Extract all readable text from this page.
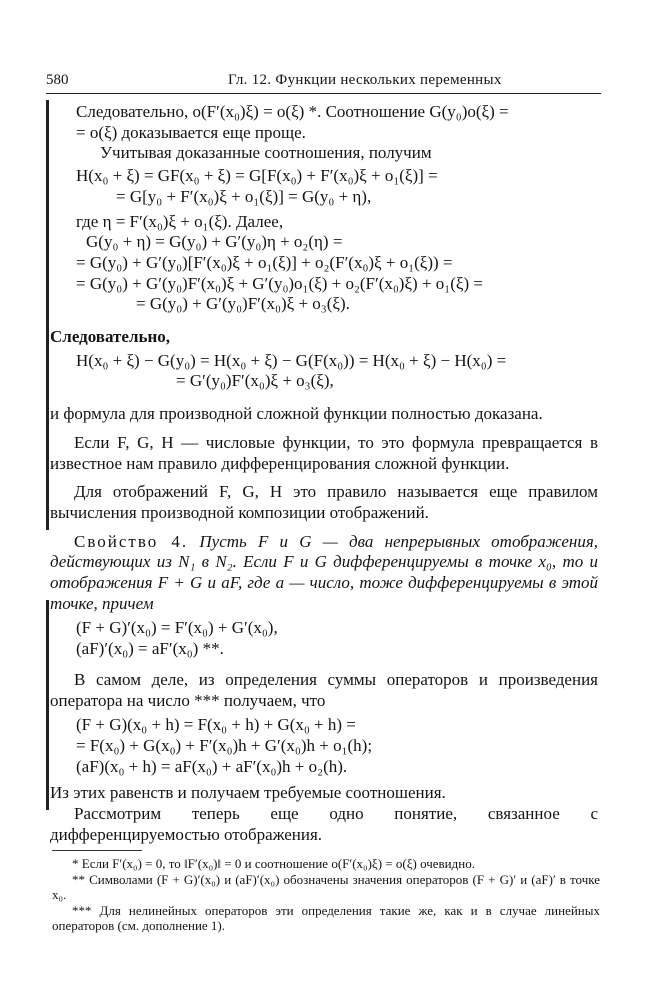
580	Гл. 12. Функции нескольких переменных

Следовательно, o(F′(x₀)ξ) = o(ξ) *. Соотношение G(y₀)o(ξ) =

= o(ξ) доказывается еще проще.

Учитывая доказанные соотношения, получим

H(x₀ + ξ) = GF(x₀ + ξ) = G[F(x₀) + F′(x₀)ξ + o₁(ξ)] =

= G[y₀ + F′(x₀)ξ + o₁(ξ)] = G(y₀ + η),

где η = F′(x₀)ξ + o₁(ξ). Далее,

G(y₀ + η) = G(y₀) + G′(y₀)η + o₂(η) =

= G(y₀) + G′(y₀)[F′(x₀)ξ + o₁(ξ)] + o₂(F′(x₀)ξ + o₁(ξ)) =

= G(y₀) + G′(y₀)F′(x₀)ξ + G′(y₀)o₁(ξ) + o₂(F′(x₀)ξ) + o₁(ξ) =

= G(y₀) + G′(y₀)F′(x₀)ξ + o₃(ξ).

Следовательно,

H(x₀ + ξ) − G(y₀) = H(x₀ + ξ) − G(F(x₀)) = H(x₀ + ξ) − H(x₀) =

= G′(y₀)F′(x₀)ξ + o₃(ξ),

и формула для производной сложной функции полностью доказана.

Если F, G, H — числовые функции, то это формула превращается в известное нам правило дифференцирования сложной функции.

Для отображений F, G, H это правило называется еще правилом вычисления производной композиции отображений.

Свойство 4. Пусть F и G — два непрерывных отображения, действующих из N₁ в N₂. Если F и G дифференцируемы в точке x₀, то и отображения F + G и aF, где a — число, тоже дифференцируемы в этой точке, причем

(F + G)′(x₀) = F′(x₀) + G′(x₀),

(aF)′(x₀) = aF′(x₀) **.

В самом деле, из определения суммы операторов и произведения оператора на число *** получаем, что

(F + G)(x₀ + h) = F(x₀ + h) + G(x₀ + h) =

= F(x₀) + G(x₀) + F′(x₀)h + G′(x₀)h + o₁(h);

(aF)(x₀ + h) = aF(x₀) + aF′(x₀)h + o₂(h).

Из этих равенств и получаем требуемые соотношения.

Рассмотрим теперь еще одно понятие, связанное с дифференцируемостью отображения.

* Если F′(x₀) = 0, то ‖F′(x₀)‖ = 0 и соотношение o(F′(x₀)ξ) = o(ξ) очевидно.

** Символами (F + G)′(x₀) и (aF)′(x₀) обозначены значения операторов (F + G)′ и (aF)′ в точке x₀.

*** Для нелинейных операторов эти определения такие же, как и в случае линейных операторов (см. дополнение 1).
